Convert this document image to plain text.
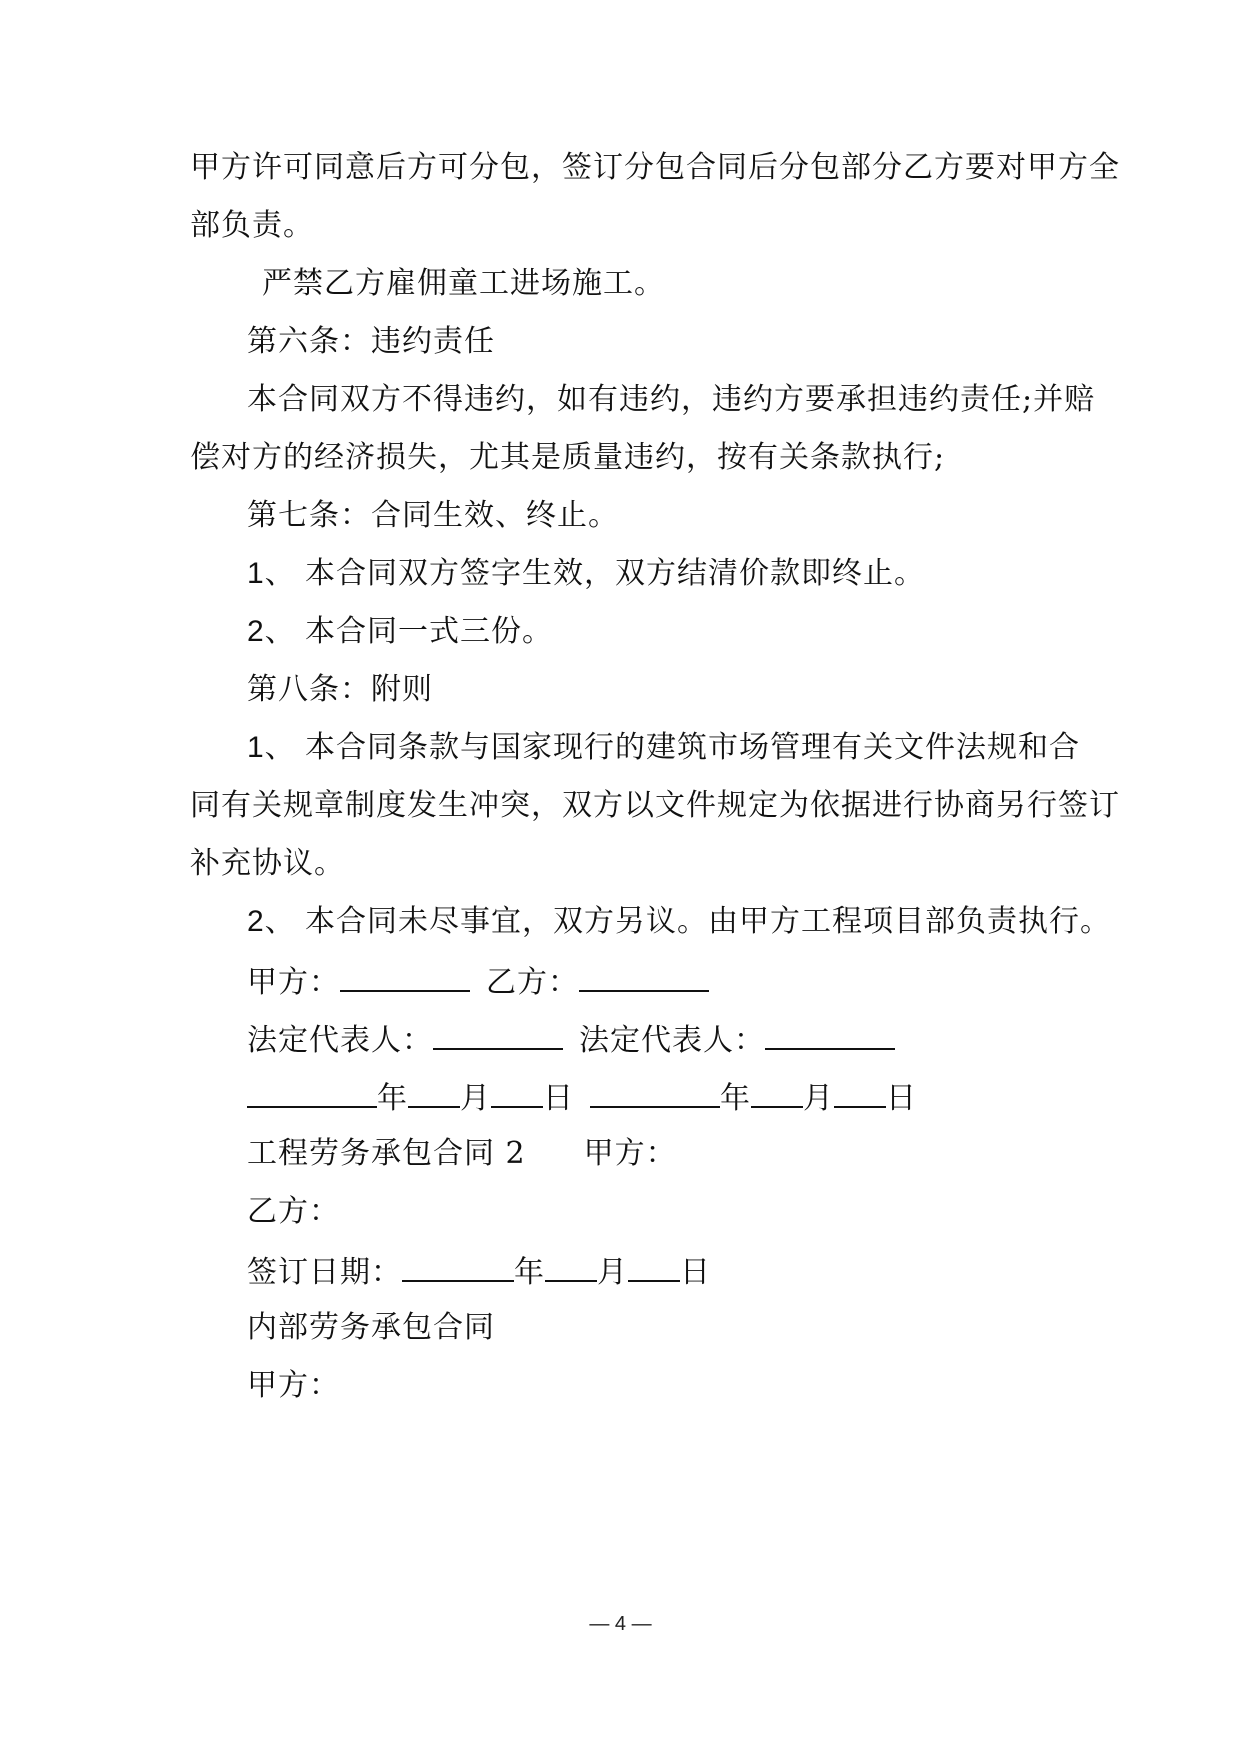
甲方许可同意后方可分包，签订分包合同后分包部分乙方要对甲方全
部负责。
严禁乙方雇佣童工进场施工。
第六条：违约责任
本合同双方不得违约，如有违约，违约方要承担违约责任;并赔
偿对方的经济损失，尤其是质量违约，按有关条款执行;
第七条：合同生效、终止。
1、 本合同双方签字生效，双方结清价款即终止。
2、 本合同一式三份。
第八条：附则
1、 本合同条款与国家现行的建筑市场管理有关文件法规和合
同有关规章制度发生冲突，双方以文件规定为依据进行协商另行签订
补充协议。
2、 本合同未尽事宜，双方另议。由甲方工程项目部负责执行。
甲方：	乙方：
法定代表人：	法定代表人：
年 月 日	年 月 日
工程劳务承包合同 2 甲方：
乙方：
签订日期：	年 月 日
内部劳务承包合同
甲方：
— 4 —
